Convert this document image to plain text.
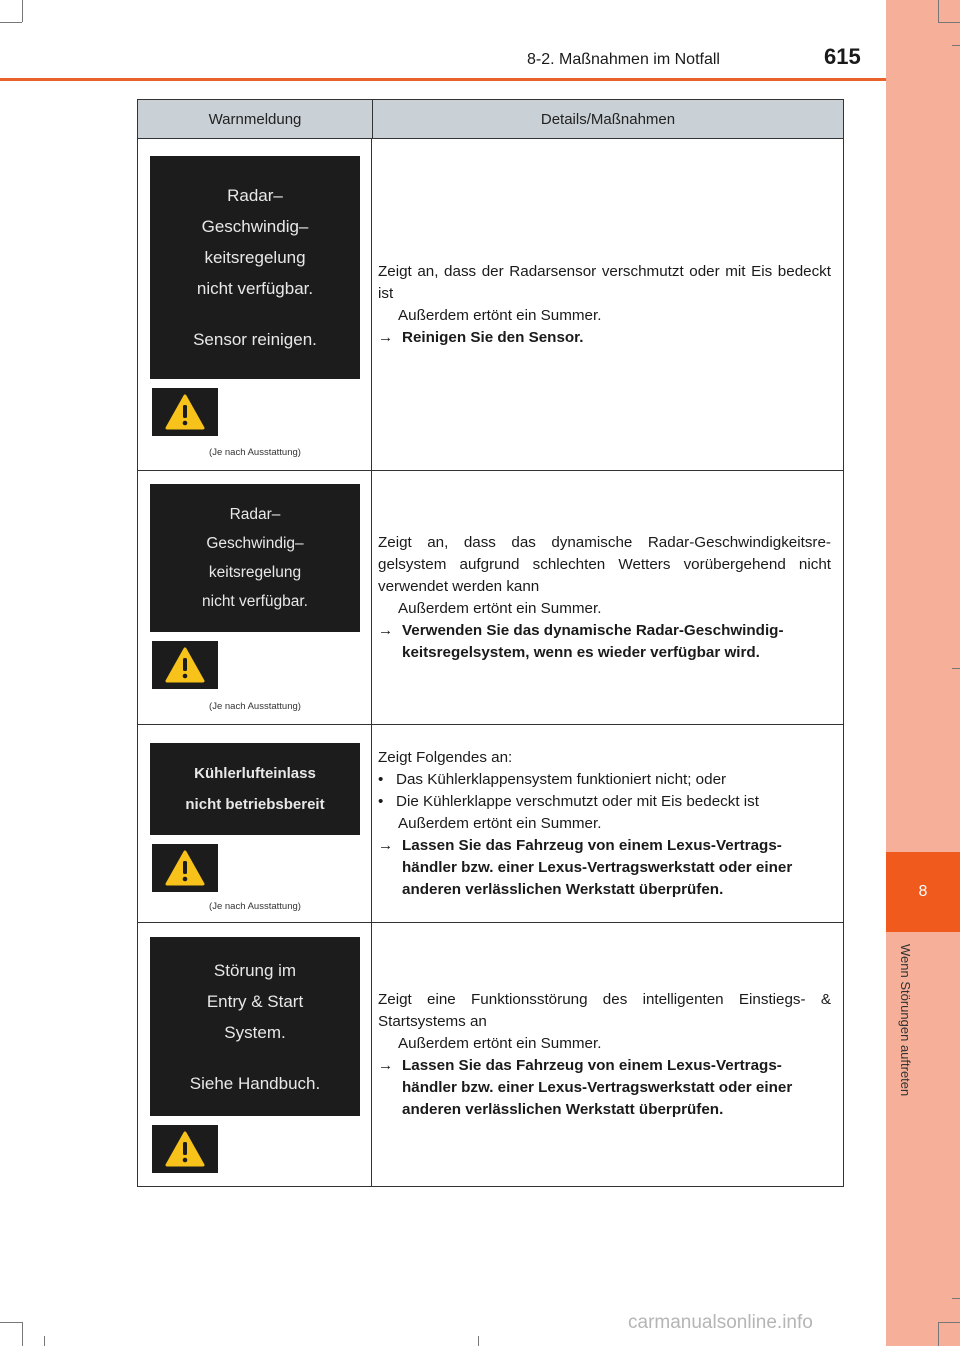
8
Wenn Störungen auftreten
8-2. Maßnahmen im Notfall	615
Warnmeldung	Details/Maßnahmen
Radar–
Geschwindig–
keitsregelung
nicht verfügbar.
Sensor reinigen.
(Je nach Ausstattung)
Zeigt an, dass der Radarsensor verschmutzt oder mit Eis bedeckt ist
Außerdem ertönt ein Summer.
→ Reinigen Sie den Sensor.
Radar–
Geschwindig–
keitsregelung
nicht verfügbar.
(Je nach Ausstattung)
Zeigt an, dass das dynamische Radar-Geschwindigkeitsre-gelsystem aufgrund schlechten Wetters vorübergehend nicht verwendet werden kann
Außerdem ertönt ein Summer.
→ Verwenden Sie das dynamische Radar-Geschwindig-keitsregelsystem, wenn es wieder verfügbar wird.
Kühlerlufteinlass
nicht betriebsbereit
(Je nach Ausstattung)
Zeigt Folgendes an:
• Das Kühlerklappensystem funktioniert nicht; oder
• Die Kühlerklappe verschmutzt oder mit Eis bedeckt ist
Außerdem ertönt ein Summer.
→ Lassen Sie das Fahrzeug von einem Lexus-Vertrags-händler bzw. einer Lexus-Vertragswerkstatt oder einer anderen verlässlichen Werkstatt überprüfen.
Störung im
Entry & Start
System.
Siehe Handbuch.
Zeigt eine Funktionsstörung des intelligenten Einstiegs- & Startsystems an
Außerdem ertönt ein Summer.
→ Lassen Sie das Fahrzeug von einem Lexus-Vertrags-händler bzw. einer Lexus-Vertragswerkstatt oder einer anderen verlässlichen Werkstatt überprüfen.
carmanualsonline.info
